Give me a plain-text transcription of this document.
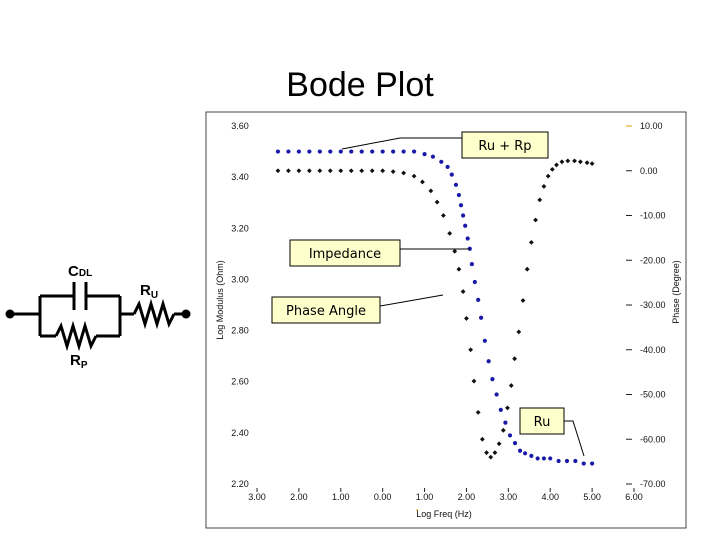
Bode Plot
CDL
$R_U$
$R_P$
3.60
3.40
3.20
3.00
2.80
2.60
2.40
2.20
10.00
0.00
-10.00
-20.00
-30.00
-40.00
-50.00
-60.00
-70.00
3.00	2.00	1.00	0.00	1.00	2.00	3.00	4.00	5.00	6.00
Log Modulus (Ohm)	Phase (Degree)
Log Freq (Hz)
Ru + Rp
Impedance
Phase Angle
Ru
